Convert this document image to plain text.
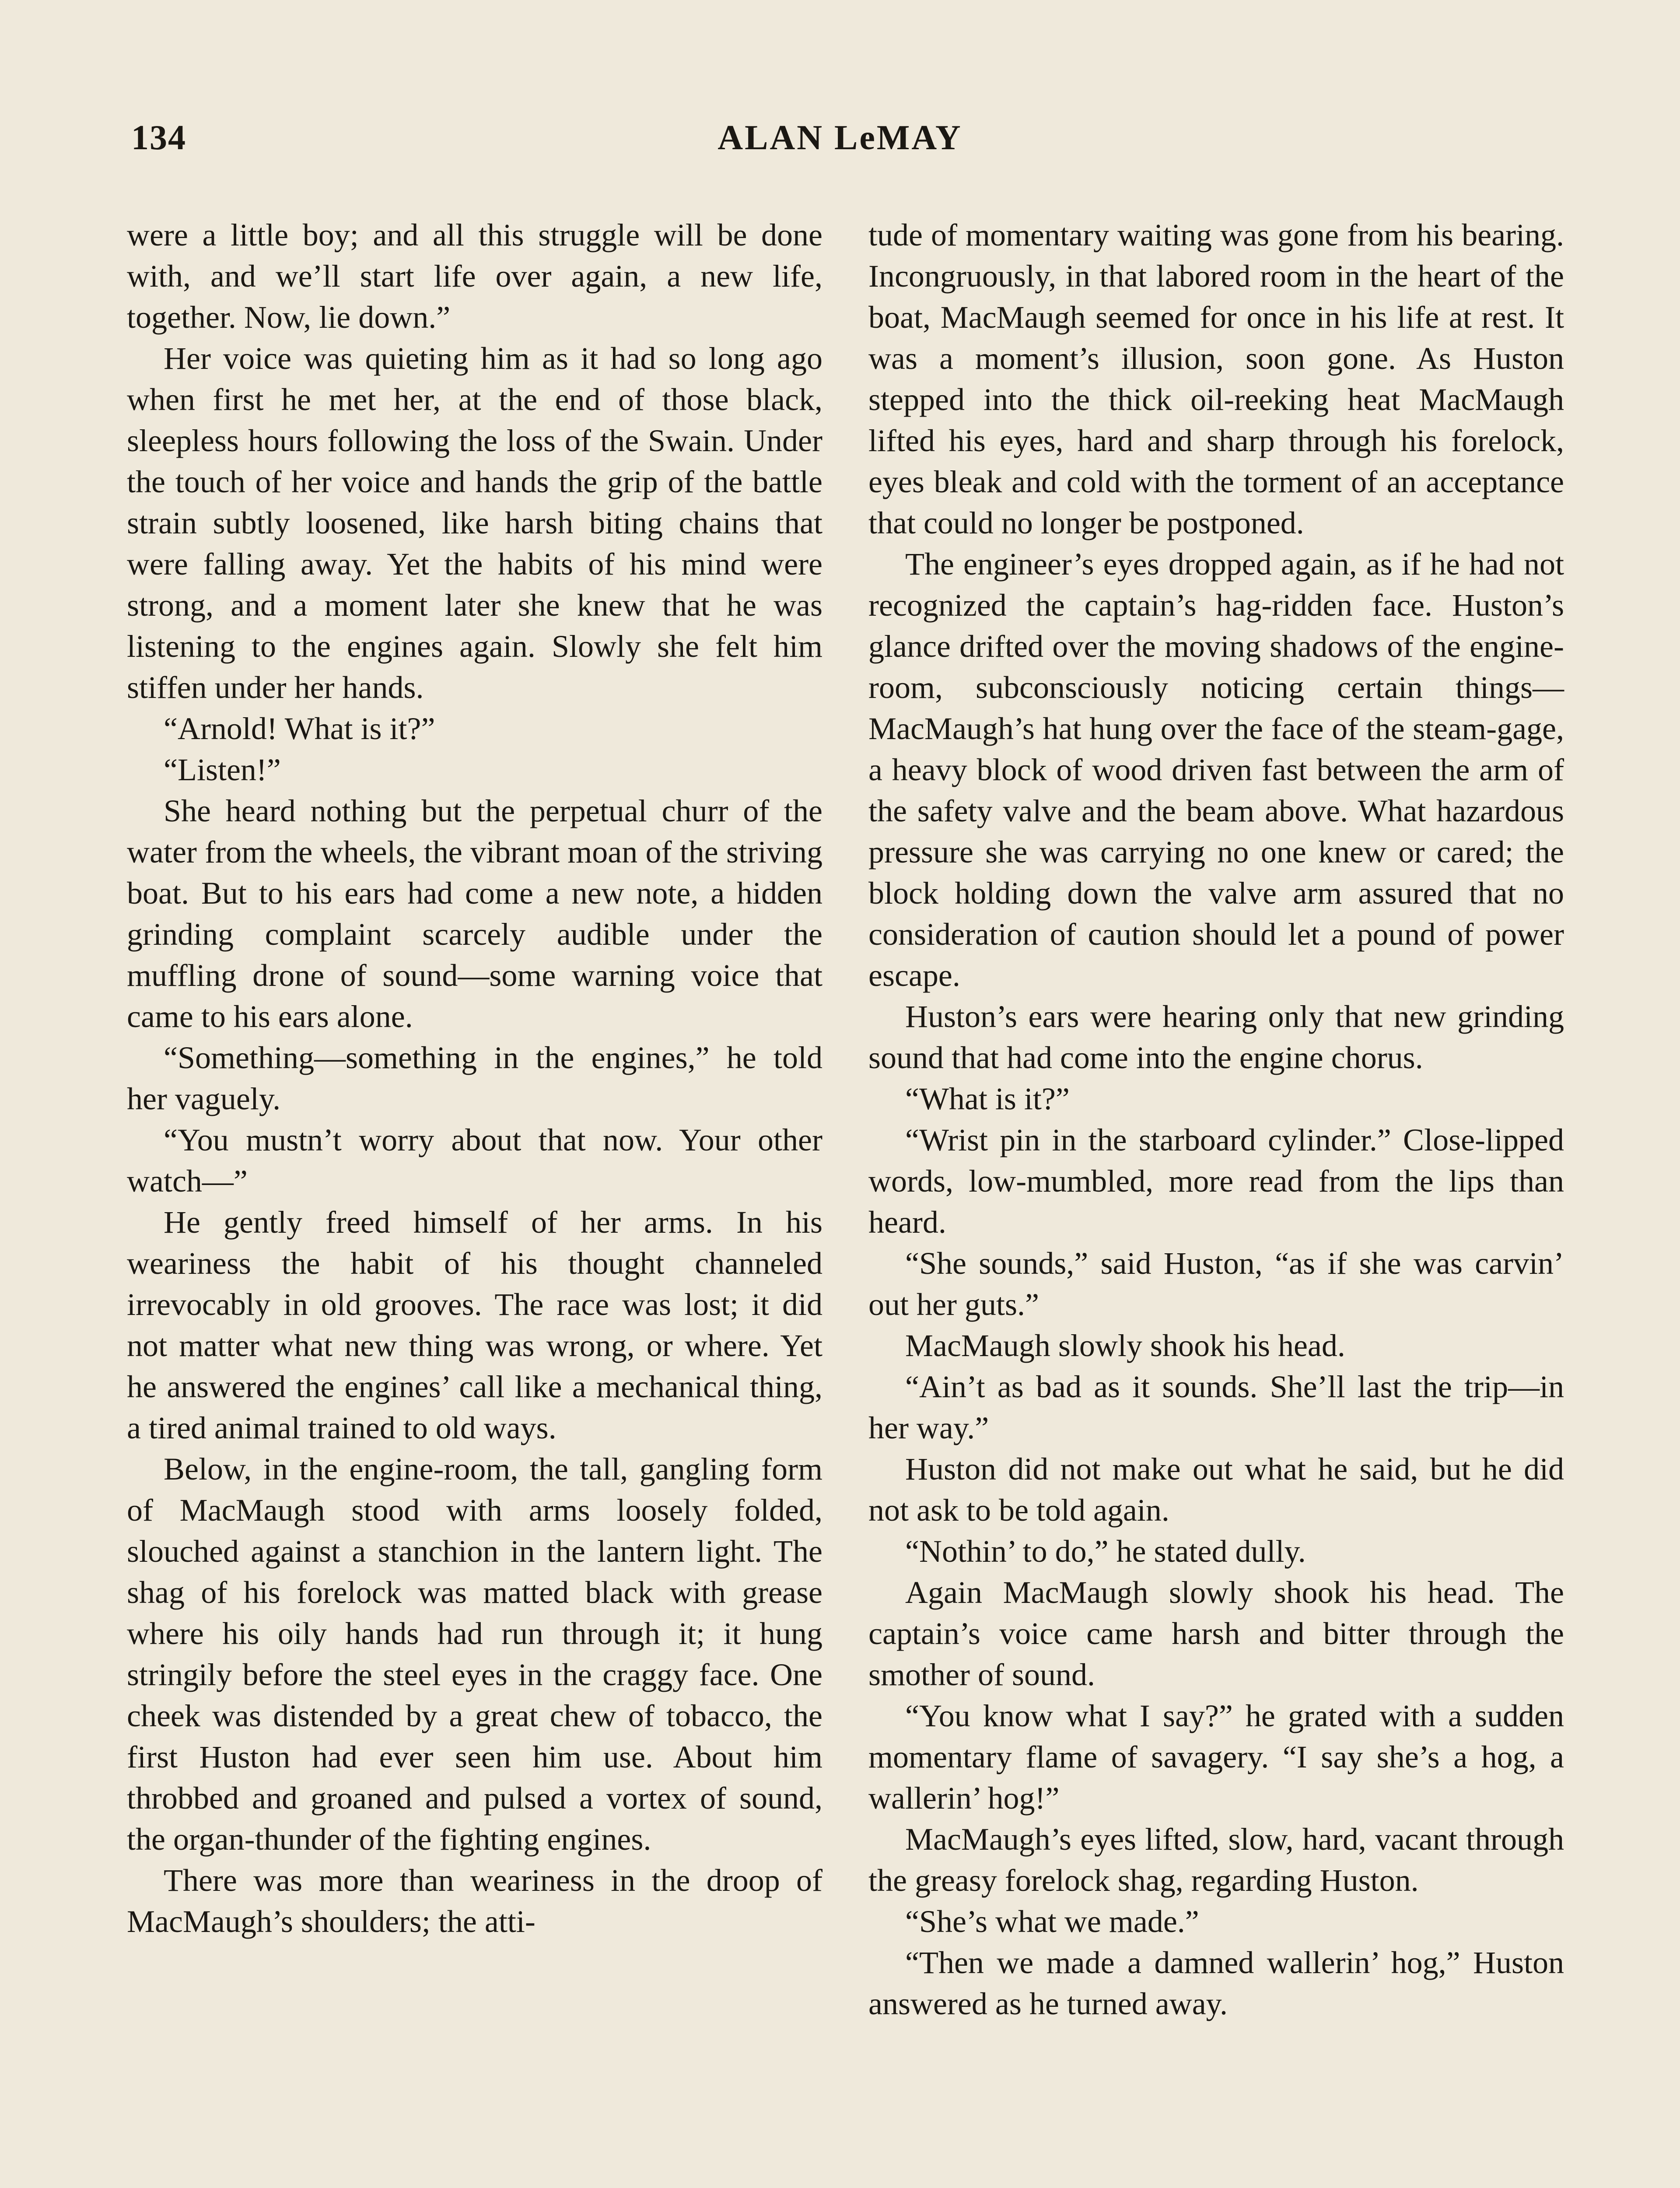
134	ALAN LeMAY

were a little boy; and all this struggle will be done with, and we’ll start life over again, a new life, together. Now, lie down.”

Her voice was quieting him as it had so long ago when first he met her, at the end of those black, sleepless hours following the loss of the Swain. Under the touch of her voice and hands the grip of the battle strain subtly loosened, like harsh biting chains that were falling away. Yet the habits of his mind were strong, and a moment later she knew that he was listening to the engines again. Slowly she felt him stiffen under her hands.

“Arnold! What is it?”

“Listen!”

She heard nothing but the perpetual churr of the water from the wheels, the vibrant moan of the striving boat. But to his ears had come a new note, a hidden grinding complaint scarcely audible under the muffling drone of sound—some warning voice that came to his ears alone.

“Something—something in the engines,” he told her vaguely.

“You mustn’t worry about that now. Your other watch—”

He gently freed himself of her arms. In his weariness the habit of his thought channeled irrevocably in old grooves. The race was lost; it did not matter what new thing was wrong, or where. Yet he answered the engines’ call like a mechanical thing, a tired animal trained to old ways.

Below, in the engine-room, the tall, gangling form of MacMaugh stood with arms loosely folded, slouched against a stanchion in the lantern light. The shag of his forelock was matted black with grease where his oily hands had run through it; it hung stringily before the steel eyes in the craggy face. One cheek was distended by a great chew of tobacco, the first Huston had ever seen him use. About him throbbed and groaned and pulsed a vortex of sound, the organ-thunder of the fighting engines.

There was more than weariness in the droop of MacMaugh’s shoulders; the atti-

tude of momentary waiting was gone from his bearing. Incongruously, in that labored room in the heart of the boat, MacMaugh seemed for once in his life at rest. It was a moment’s illusion, soon gone. As Huston stepped into the thick oil-reeking heat MacMaugh lifted his eyes, hard and sharp through his forelock, eyes bleak and cold with the torment of an acceptance that could no longer be postponed.

The engineer’s eyes dropped again, as if he had not recognized the captain’s hag-ridden face. Huston’s glance drifted over the moving shadows of the engine-room, subconsciously noticing certain things—MacMaugh’s hat hung over the face of the steam-gage, a heavy block of wood driven fast between the arm of the safety valve and the beam above. What hazardous pressure she was carrying no one knew or cared; the block holding down the valve arm assured that no consideration of caution should let a pound of power escape.

Huston’s ears were hearing only that new grinding sound that had come into the engine chorus.

“What is it?”

“Wrist pin in the starboard cylinder.” Close-lipped words, low-mumbled, more read from the lips than heard.

“She sounds,” said Huston, “as if she was carvin’ out her guts.”

MacMaugh slowly shook his head.

“Ain’t as bad as it sounds. She’ll last the trip—in her way.”

Huston did not make out what he said, but he did not ask to be told again.

“Nothin’ to do,” he stated dully.

Again MacMaugh slowly shook his head. The captain’s voice came harsh and bitter through the smother of sound.

“You know what I say?” he grated with a sudden momentary flame of savagery. “I say she’s a hog, a wallerin’ hog!”

MacMaugh’s eyes lifted, slow, hard, vacant through the greasy forelock shag, regarding Huston.

“She’s what we made.”

“Then we made a damned wallerin’ hog,” Huston answered as he turned away.
